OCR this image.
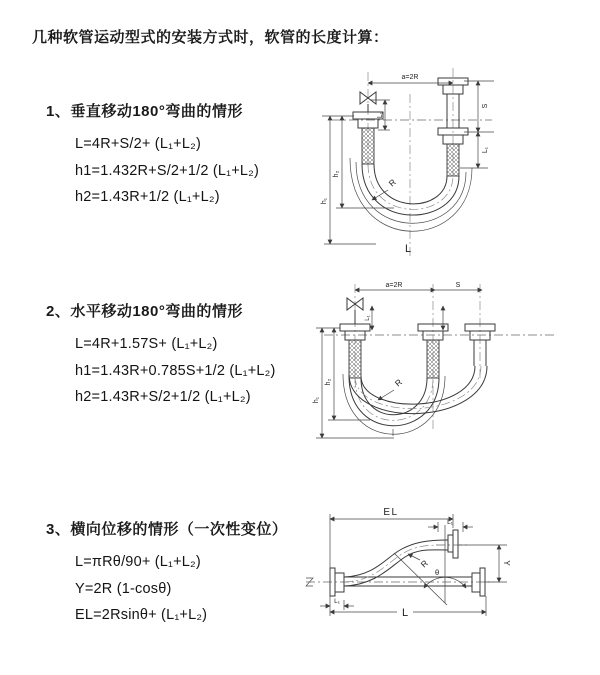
几种软管运动型式的安装方式时，软管的长度计算：
1、垂直移动180°弯曲的情形
L=4R+S/2+ (L₁+L₂)
h1=1.432R+S/2+1/2 (L₁+L₂)
h2=1.43R+1/2 (L₁+L₂)
2、水平移动180°弯曲的情形
L=4R+1.57S+ (L₁+L₂)
h1=1.43R+0.785S+1/2 (L₁+L₂)
h2=1.43R+S/2+1/2 (L₁+L₂)
3、横向位移的情形（一次性变位）
L=πRθ/90+ (L₁+L₂)
Y=2R (1-cosθ)
EL=2Rsinθ+ (L₁+L₂)
a=2R
h₁
h₂
L₁
S
L₁
R
L
a=2R	S
h₁
h₂
L₁
R
EL
L₁
θ
R	Y
L
L₁
